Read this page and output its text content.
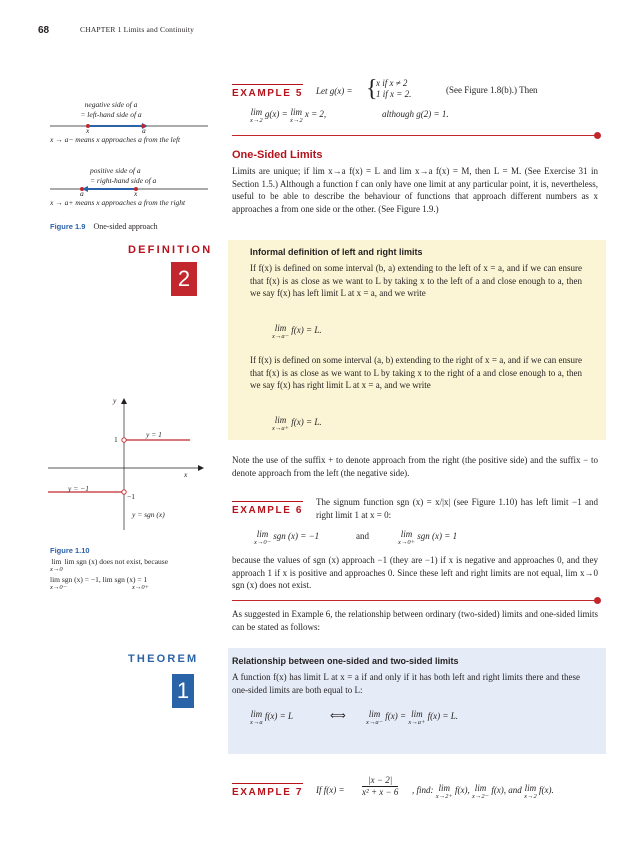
68	CHAPTER 1 Limits and Continuity
EXAMPLE 5 Let g(x) = {
x if x ≠ 2
1 if x = 2.	(See Figure 1.8(b).) Then
lim
x→2
g(x) = lim
x→2
x = 2,	although g(2) = 1.
One-Sided Limits
Limits are unique; if lim x→a f(x) = L and lim x→a f(x) = M, then L = M. (See Exercise 31 in Section 1.5.) Although a function f can only have one limit at any particular point, it is, nevertheless, useful to be able to describe the behaviour of functions that approach different numbers as x approaches a from one side or the other. (See Figure 1.9.)
negative side of a
= left-hand side of a
x	a
x → a− means x approaches a from the left
positive side of a
= right-hand side of a
a	x
x → a+ means x approaches a from the right
Figure 1.9 One-sided approach
DEFINITION
2
Informal definition of left and right limits
If f(x) is defined on some interval (b, a) extending to the left of x = a, and if we can ensure that f(x) is as close as we want to L by taking x to the left of a and close enough to a, then we say f(x) has left limit L at x = a, and we write
lim
x→a−
f(x) = L.
If f(x) is defined on some interval (a, b) extending to the right of x = a, and if we can ensure that f(x) is as close as we want to L by taking x to the right of a and close enough to a, then we say f(x) has right limit L at x = a, and we write
lim
x→a+
f(x) = L.
y
x
1
y = 1
y = −1
−1
y = sgn (x)
Figure 1.10
lim
x→0
lim sgn (x) does not exist, because
lim sgn (x) = −1, lim sgn (x) = 1
x→0−	x→0+
Note the use of the suffix + to denote approach from the right (the positive side) and the suffix − to denote approach from the left (the negative side).
EXAMPLE 6
The signum function sgn (x) = x/|x| (see Figure 1.10) has left limit −1 and right limit 1 at x = 0:
lim
x→0−
sgn (x) = −1	and	lim
x→0+
sgn (x) = 1
because the values of sgn (x) approach −1 (they are −1) if x is negative and approaches 0, and they approach 1 if x is positive and approaches 0. Since these left and right limits are not equal, lim x→0 sgn (x) does not exist.
As suggested in Example 6, the relationship between ordinary (two-sided) limits and one-sided limits can be stated as follows:
THEOREM
1
Relationship between one-sided and two-sided limits
A function f(x) has limit L at x = a if and only if it has both left and right limits there and these one-sided limits are both equal to L:
lim
x→a
f(x) = L	⟺	lim
x→a−
f(x) = lim
x→a+
f(x) = L.
EXAMPLE 7 If f(x) =
|x − 2|
x² + x − 6 , find: lim
x→2+
f(x), lim
x→2−
f(x), and lim
x→2
f(x).
